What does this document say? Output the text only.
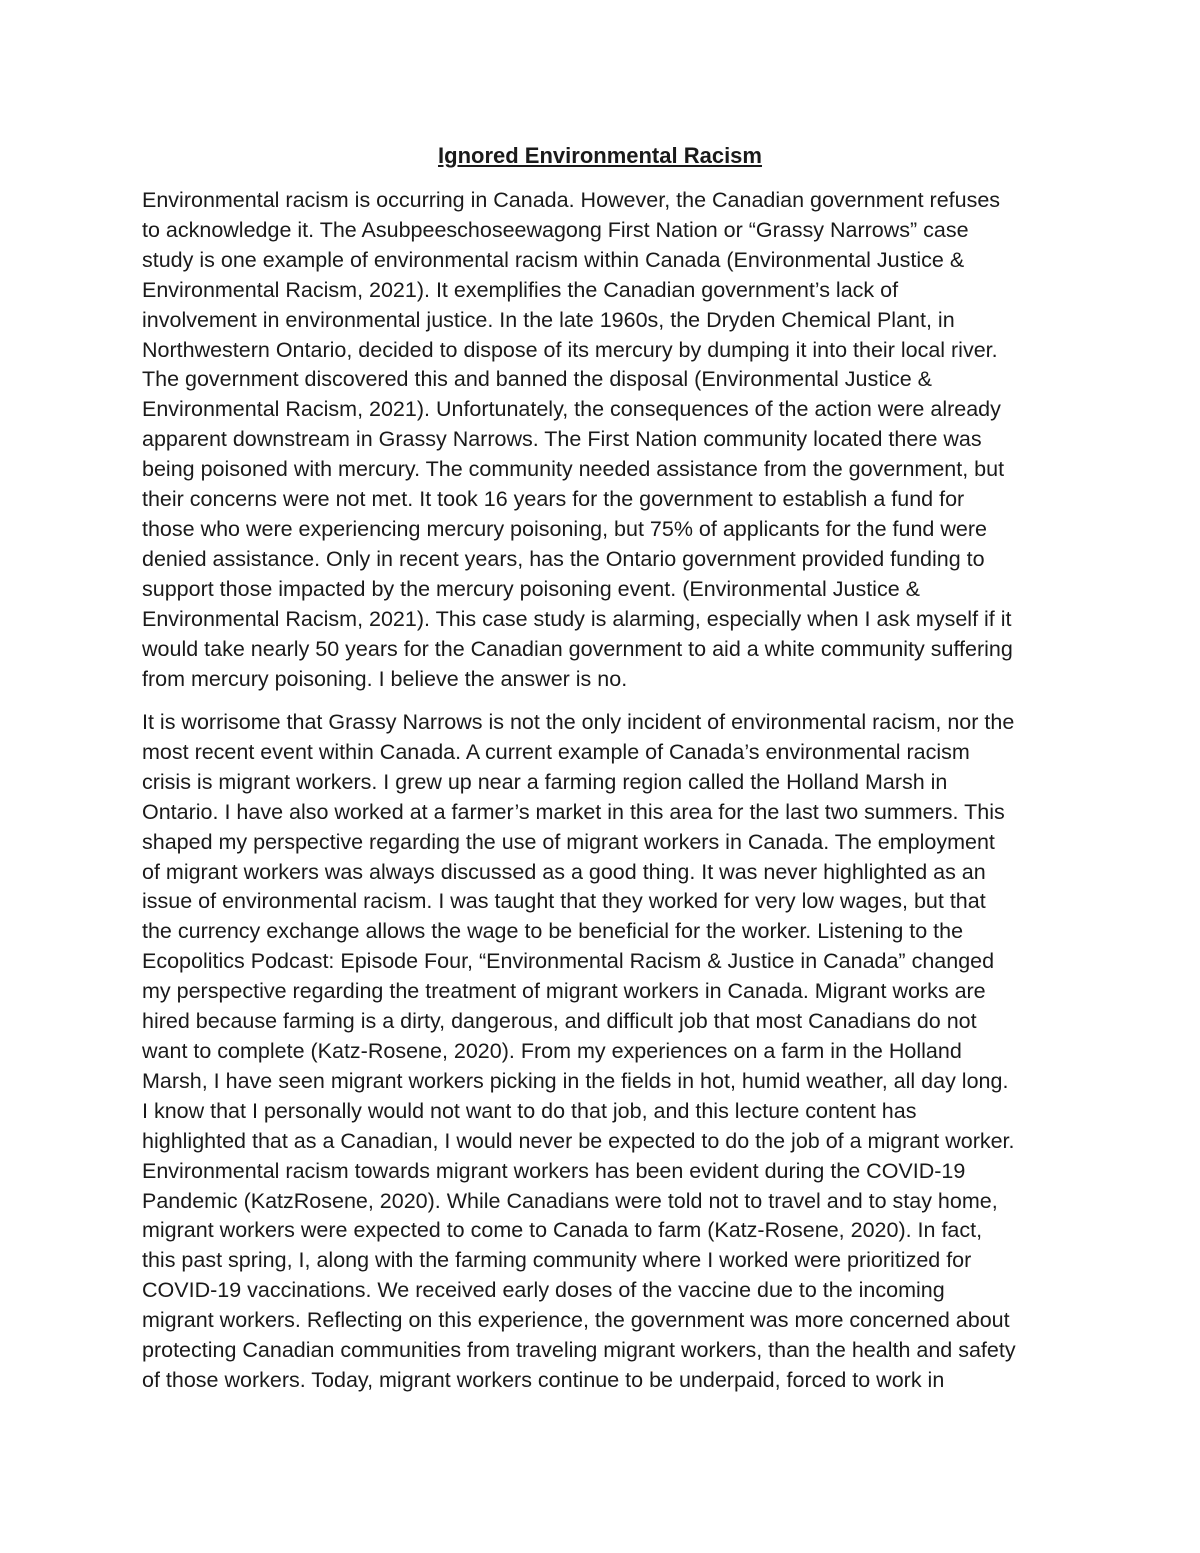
Ignored Environmental Racism

Environmental racism is occurring in Canada. However, the Canadian government refuses
to acknowledge it. The Asubpeeschoseewagong First Nation or “Grassy Narrows” case
study is one example of environmental racism within Canada (Environmental Justice &
Environmental Racism, 2021). It exemplifies the Canadian government’s lack of
involvement in environmental justice. In the late 1960s, the Dryden Chemical Plant, in
Northwestern Ontario, decided to dispose of its mercury by dumping it into their local river.
The government discovered this and banned the disposal (Environmental Justice &
Environmental Racism, 2021). Unfortunately, the consequences of the action were already
apparent downstream in Grassy Narrows. The First Nation community located there was
being poisoned with mercury. The community needed assistance from the government, but
their concerns were not met. It took 16 years for the government to establish a fund for
those who were experiencing mercury poisoning, but 75% of applicants for the fund were
denied assistance. Only in recent years, has the Ontario government provided funding to
support those impacted by the mercury poisoning event. (Environmental Justice &
Environmental Racism, 2021). This case study is alarming, especially when I ask myself if it
would take nearly 50 years for the Canadian government to aid a white community suffering
from mercury poisoning. I believe the answer is no.

It is worrisome that Grassy Narrows is not the only incident of environmental racism, nor the
most recent event within Canada. A current example of Canada’s environmental racism
crisis is migrant workers. I grew up near a farming region called the Holland Marsh in
Ontario. I have also worked at a farmer’s market in this area for the last two summers. This
shaped my perspective regarding the use of migrant workers in Canada. The employment
of migrant workers was always discussed as a good thing. It was never highlighted as an
issue of environmental racism. I was taught that they worked for very low wages, but that
the currency exchange allows the wage to be beneficial for the worker. Listening to the
Ecopolitics Podcast: Episode Four, “Environmental Racism & Justice in Canada” changed
my perspective regarding the treatment of migrant workers in Canada. Migrant works are
hired because farming is a dirty, dangerous, and difficult job that most Canadians do not
want to complete (Katz-Rosene, 2020). From my experiences on a farm in the Holland
Marsh, I have seen migrant workers picking in the fields in hot, humid weather, all day long.
I know that I personally would not want to do that job, and this lecture content has
highlighted that as a Canadian, I would never be expected to do the job of a migrant worker.
Environmental racism towards migrant workers has been evident during the COVID-19
Pandemic (KatzRosene, 2020). While Canadians were told not to travel and to stay home,
migrant workers were expected to come to Canada to farm (Katz-Rosene, 2020). In fact,
this past spring, I, along with the farming community where I worked were prioritized for
COVID-19 vaccinations. We received early doses of the vaccine due to the incoming
migrant workers. Reflecting on this experience, the government was more concerned about
protecting Canadian communities from traveling migrant workers, than the health and safety
of those workers. Today, migrant workers continue to be underpaid, forced to work in
